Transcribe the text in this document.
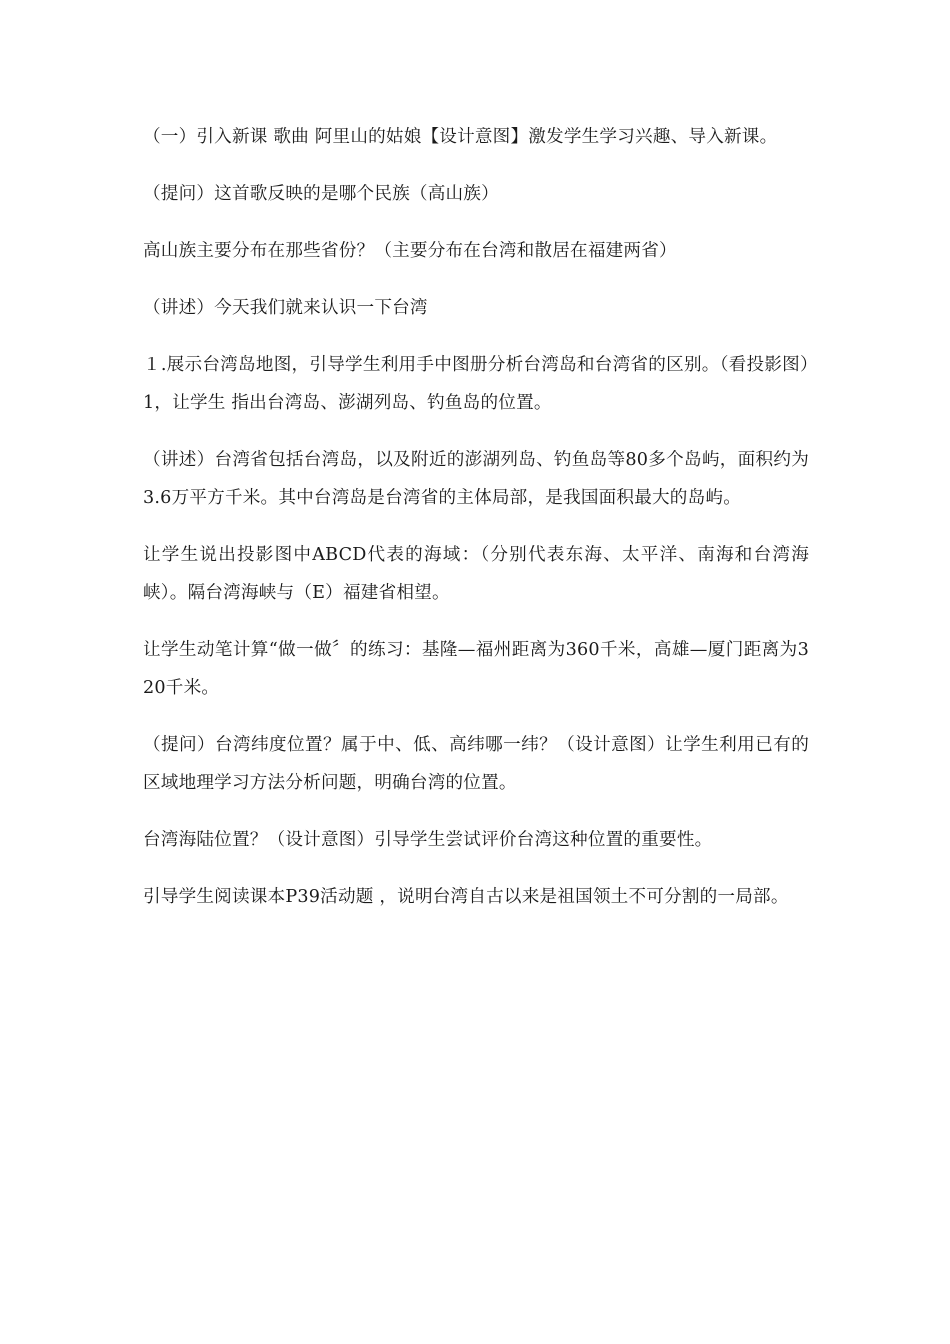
（一）引入新课 歌曲 阿里山的姑娘【设计意图】激发学生学习兴趣、导入新课。

（提问）这首歌反映的是哪个民族（高山族）

高山族主要分布在那些省份？（主要分布在台湾和散居在福建两省）

（讲述）今天我们就来认识一下台湾

１.展示台湾岛地图，引导学生利用手中图册分析台湾岛和台湾省的区别。（看投影图）1，让学生 指出台湾岛、澎湖列岛、钓鱼岛的位置。

（讲述）台湾省包括台湾岛，以及附近的澎湖列岛、钓鱼岛等80多个岛屿，面积约为3.6万平方千米。其中台湾岛是台湾省的主体局部，是我国面积最大的岛屿。

让学生说出投影图中ABCD代表的海域：（分别代表东海、太平洋、南海和台湾海峡）。隔台湾海峡与（E）福建省相望。

让学生动笔计算“做一做〞的练习：基隆—福州距离为360千米，高雄—厦门距离为320千米。

（提问）台湾纬度位置？属于中、低、高纬哪一纬？（设计意图）让学生利用已有的区域地理学习方法分析问题，明确台湾的位置。

台湾海陆位置？（设计意图）引导学生尝试评价台湾这种位置的重要性。

引导学生阅读课本P39活动题 ，说明台湾自古以来是祖国领土不可分割的一局部。
